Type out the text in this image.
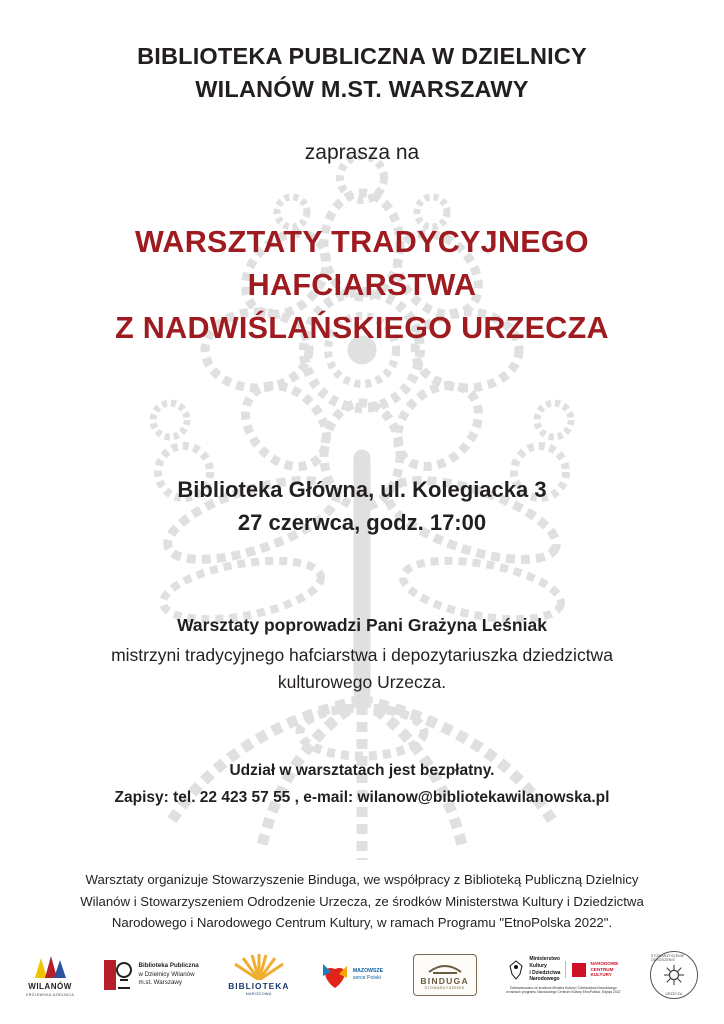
BIBLIOTEKA PUBLICZNA W DZIELNICY
WILANÓW M.ST. WARSZAWY

zaprasza na

WARSZTATY TRADYCYJNEGO
HAFCIARSTWA
Z NADWIŚLAŃSKIEGO URZECZA

Biblioteka Główna, ul. Kolegiacka 3
27 czerwca, godz. 17:00

Warsztaty poprowadzi Pani Grażyna Leśniak

mistrzyni tradycyjnego hafciarstwa i depozytariuszka dziedzictwa
kulturowego Urzecza.

Udział w warsztatach jest bezpłatny.
Zapisy: tel. 22 423 57 55 , e-mail: wilanow@bibliotekawilanowska.pl

Warsztaty organizuje Stowarzyszenie Binduga, we współpracy z Biblioteką Publiczną Dzielnicy
Wilanów i Stowarzyszeniem Odrodzenie Urzecza, ze środków Ministerstwa Kultury i Dziedzictwa
Narodowego i Narodowego Centrum Kultury, w ramach Programu "EtnoPolska 2022".

WILANÓW
KRÓLEWSKA DZIELNICA
Biblioteka Publiczna
w Dzielnicy Wilanów
m.st. Warszawy	BIBLIOTEKA
NARODOWA
MAZOWSZE
serce Polski	BINDUGA
STOWARZYSZENIE
Ministerstwo
Kultury
i Dziedzictwa
Narodowego
NARODOWE
CENTRUM
KULTURY
Dofinansowano ze środków Ministra Kultury i Dziedzictwa Narodowego
w ramach programu Narodowego Centrum Kultury EtnoPolska, Edycja 2022
STOWARZYSZENIE ODRODZENIE
URZECZA
